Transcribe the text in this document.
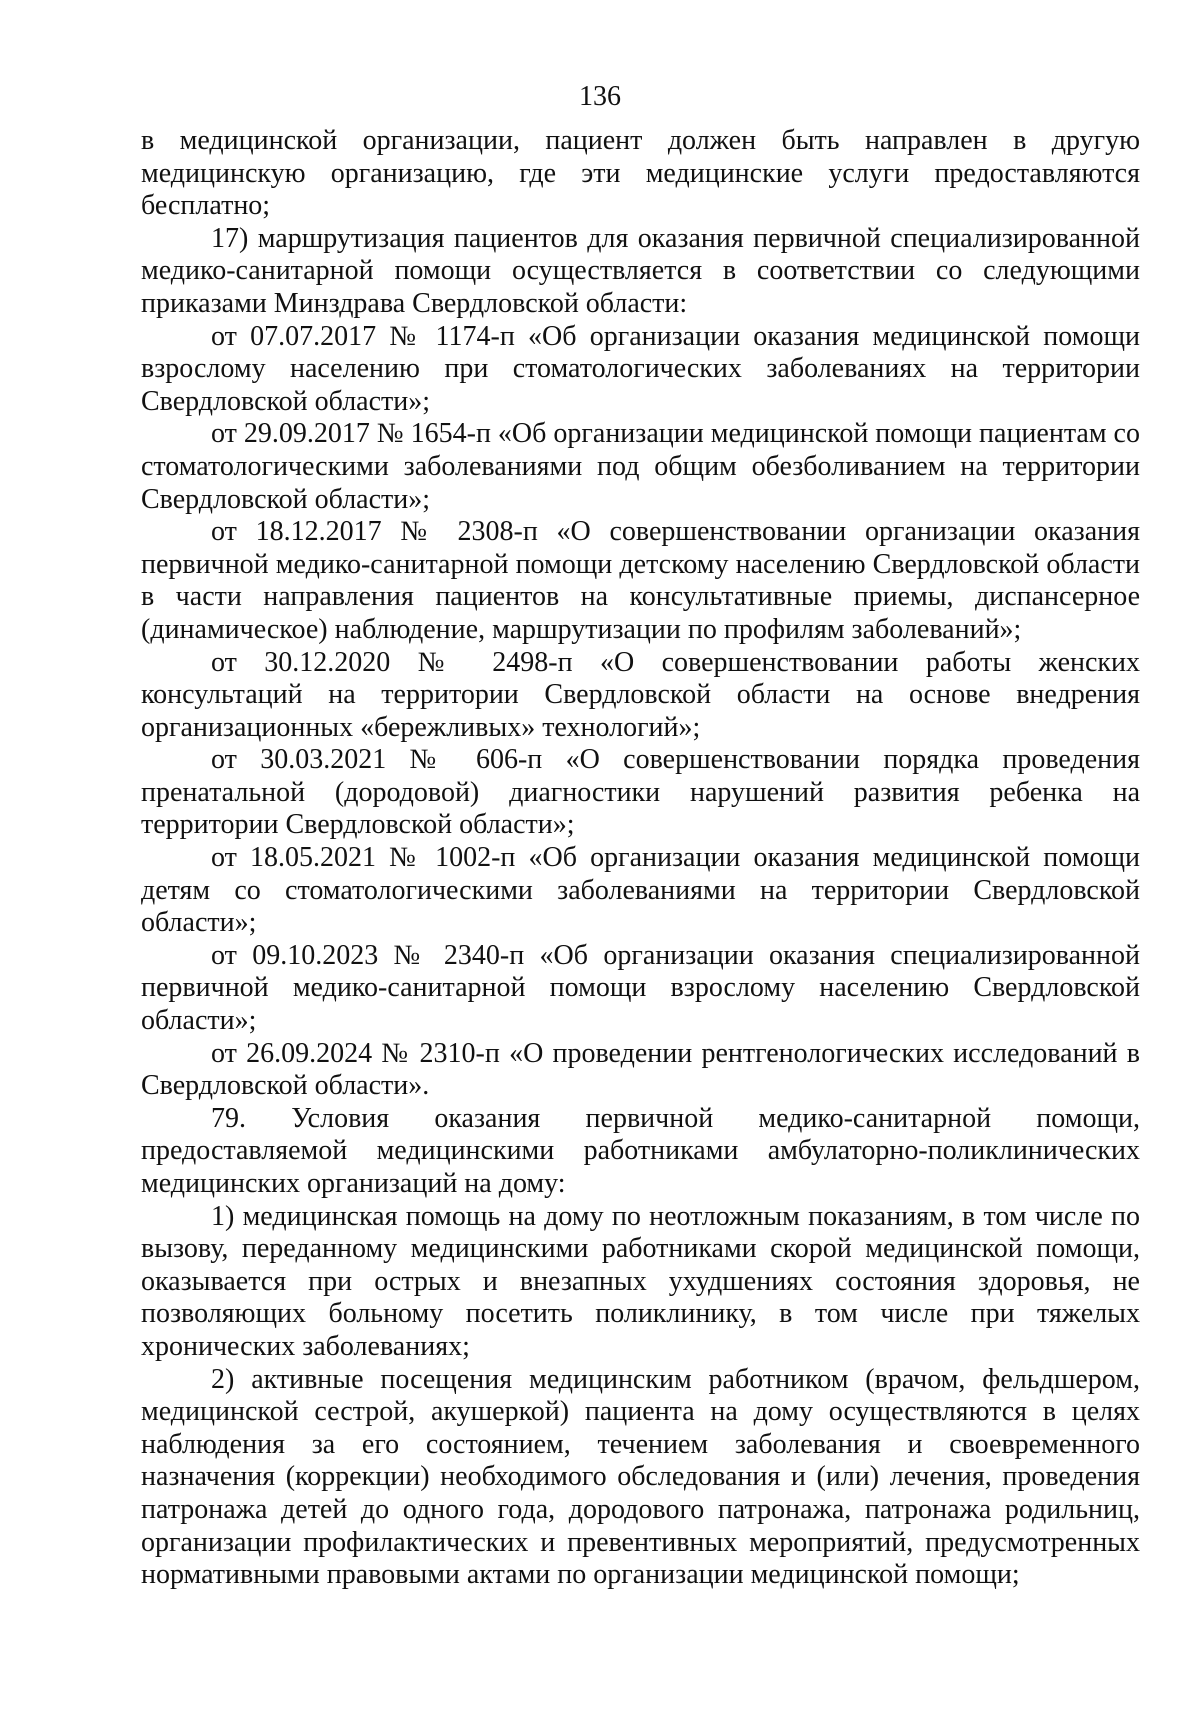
136

в медицинской организации, пациент должен быть направлен в другую медицинскую организацию, где эти медицинские услуги предоставляются бесплатно;

17) маршрутизация пациентов для оказания первичной специализированной медико-санитарной помощи осуществляется в соответствии со следующими приказами Минздрава Свердловской области:

от 07.07.2017 № 1174-п «Об организации оказания медицинской помощи взрослому населению при стоматологических заболеваниях на территории Свердловской области»;

от 29.09.2017 № 1654-п «Об организации медицинской помощи пациентам со стоматологическими заболеваниями под общим обезболиванием на территории Свердловской области»;

от 18.12.2017 № 2308-п «О совершенствовании организации оказания первичной медико-санитарной помощи детскому населению Свердловской области в части направления пациентов на консультативные приемы, диспансерное (динамическое) наблюдение, маршрутизации по профилям заболеваний»;

от 30.12.2020 № 2498-п «О совершенствовании работы женских консультаций на территории Свердловской области на основе внедрения организационных «бережливых» технологий»;

от 30.03.2021 № 606-п «О совершенствовании порядка проведения пренатальной (дородовой) диагностики нарушений развития ребенка на территории Свердловской области»;

от 18.05.2021 № 1002-п «Об организации оказания медицинской помощи детям со стоматологическими заболеваниями на территории Свердловской области»;

от 09.10.2023 № 2340-п «Об организации оказания специализированной первичной медико-санитарной помощи взрослому населению Свердловской области»;

от 26.09.2024 № 2310-п «О проведении рентгенологических исследований в Свердловской области».

79. Условия оказания первичной медико-санитарной помощи, предоставляемой медицинскими работниками амбулаторно-поликлинических медицинских организаций на дому:

1) медицинская помощь на дому по неотложным показаниям, в том числе по вызову, переданному медицинскими работниками скорой медицинской помощи, оказывается при острых и внезапных ухудшениях состояния здоровья, не позволяющих больному посетить поликлинику, в том числе при тяжелых хронических заболеваниях;

2) активные посещения медицинским работником (врачом, фельдшером, медицинской сестрой, акушеркой) пациента на дому осуществляются в целях наблюдения за его состоянием, течением заболевания и своевременного назначения (коррекции) необходимого обследования и (или) лечения, проведения патронажа детей до одного года, дородового патронажа, патронажа родильниц, организации профилактических и превентивных мероприятий, предусмотренных нормативными правовыми актами по организации медицинской помощи;
